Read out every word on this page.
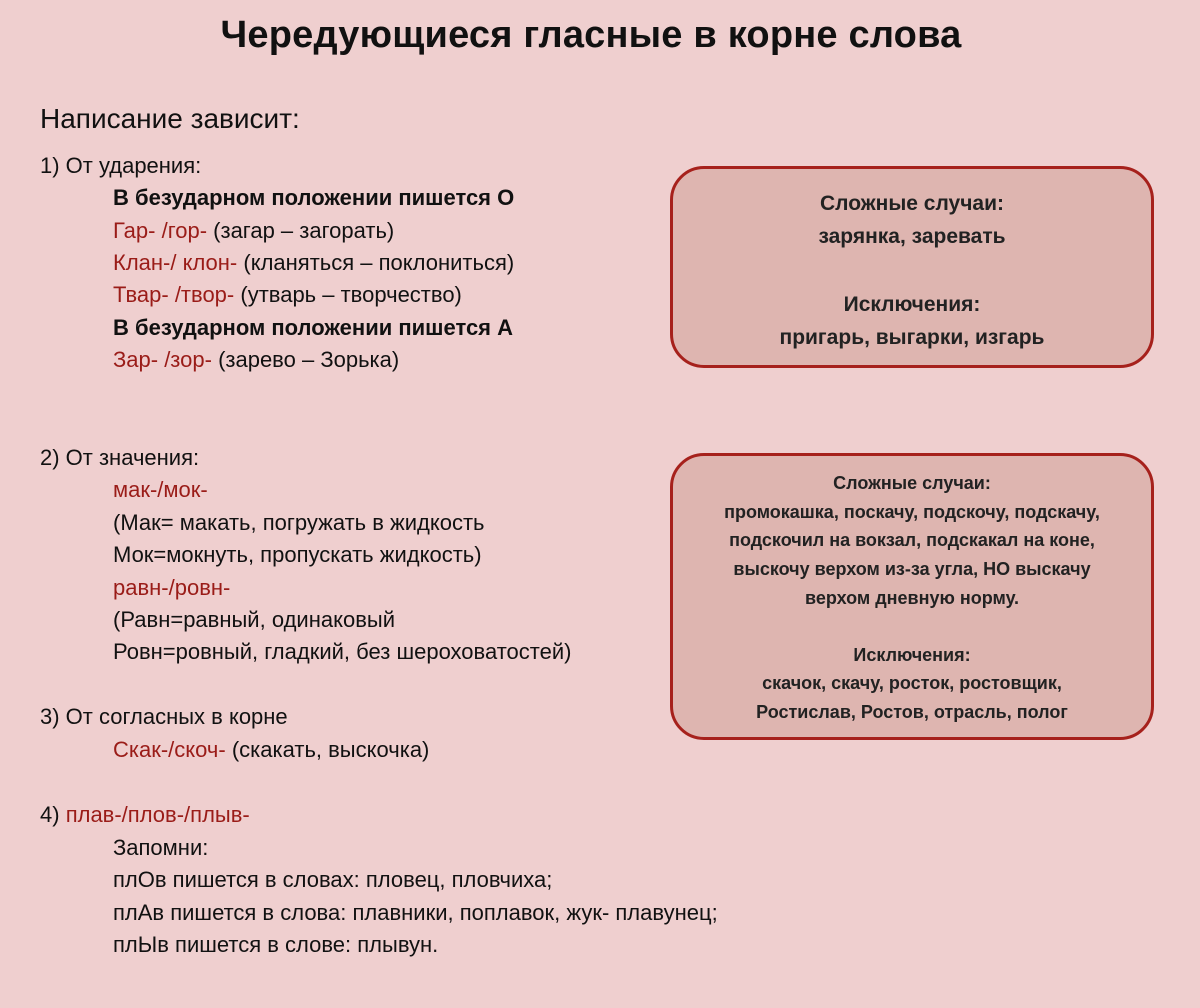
Чередующиеся гласные в корне слова
Написание зависит:
1) От ударения:
В безударном положении пишется О
Гар- /гор- (загар – загорать)
Клан-/ клон- (кланяться – поклониться)
Твар- /твор- (утварь – творчество)
В безударном положении пишется А
Зар- /зор- (зарево – Зорька)

Сложные случаи:

зарянка, заревать

Исключения:

пригарь, выгарки, изгарь

2) От значения:
мак-/мок-
(Мак= макать, погружать в жидкость
Мок=мокнуть, пропускать жидкость)
равн-/ровн-
(Равн=равный, одинаковый
Ровн=ровный, гладкий, без шероховатостей)

Сложные случаи:

промокашка, поскачу, подскочу, подскачу,

подскочил на вокзал, подскакал на коне,

выскочу верхом из-за угла, НО выскачу

верхом дневную норму.

Исключения:

скачок, скачу, росток, ростовщик,

Ростислав, Ростов, отрасль, полог

3) От согласных в корне
Скак-/скоч- (скакать, выскочка)
4) плав-/плов-/плыв-
Запомни:
плОв пишется в словах: пловец, пловчиха;
плАв пишется в слова: плавники, поплавок, жук- плавунец;
плЫв пишется в слове: плывун.
